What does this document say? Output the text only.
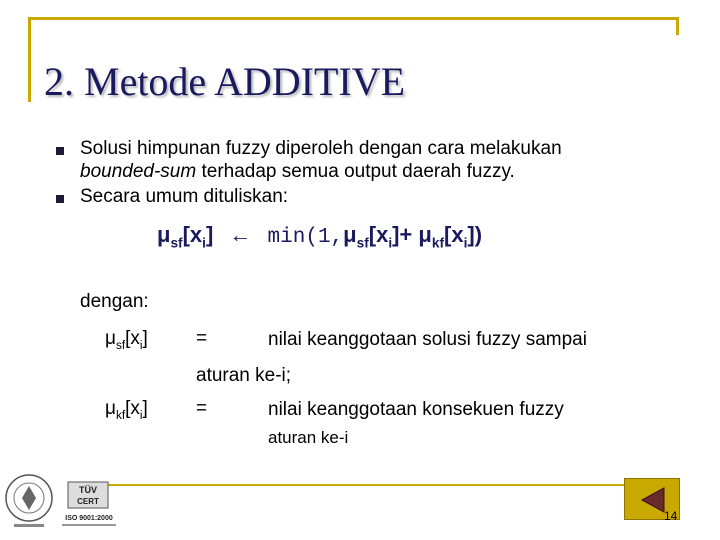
2. Metode ADDITIVE
Solusi himpunan fuzzy diperoleh dengan cara melakukan
bounded-sum terhadap semua output daerah fuzzy.
Secara umum dituliskan:
$\mu_{sf}[x_i]$ ← $\min(1,\mu_{sf}[x_i]+ \mu_{kf}[x_i])$
dengan:
$\mu_{sf}[x_i]$	=	nilai keanggotaan solusi fuzzy sampai
aturan ke-i;
$\mu_{kf}[x_i]$	=	nilai keanggotaan konsekuen fuzzy
aturan ke-i
TÜV
CERT
ISO 9001:2000	14
